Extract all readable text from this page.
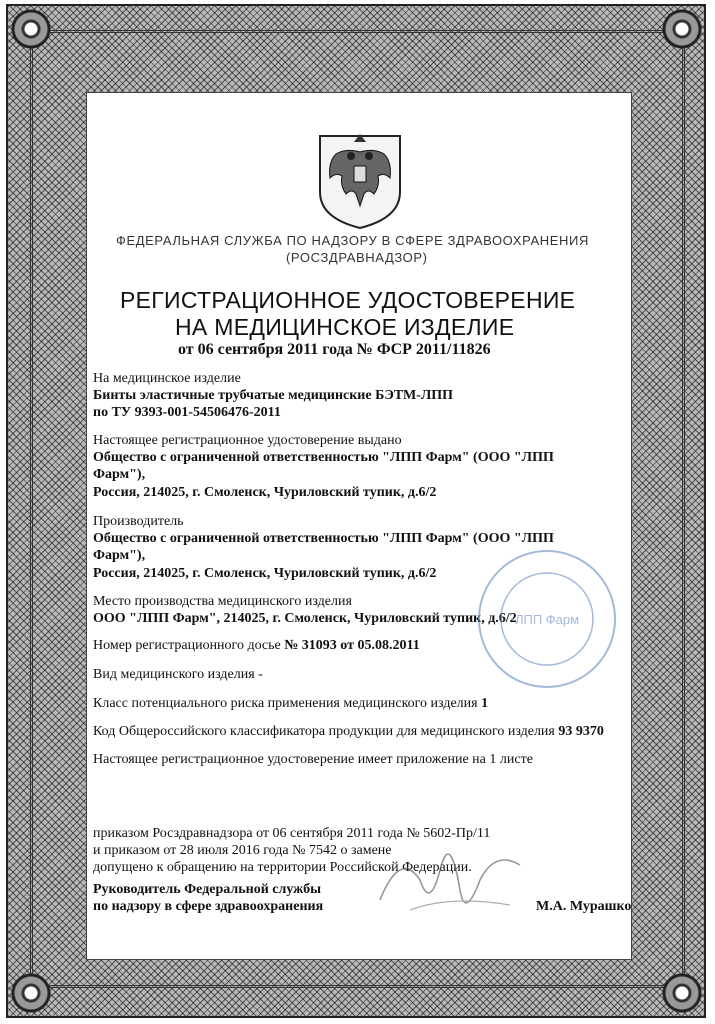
ФЕДЕРАЛЬНАЯ СЛУЖБА ПО НАДЗОРУ В СФЕРЕ ЗДРАВООХРАНЕНИЯ
(РОСЗДРАВНАДЗОР)
РЕГИСТРАЦИОННОЕ УДОСТОВЕРЕНИЕ
НА МЕДИЦИНСКОЕ ИЗДЕЛИЕ
от 06 сентября 2011 года № ФСР 2011/11826
На медицинское изделие
Бинты эластичные трубчатые медицинские БЭТМ-ЛПП
по ТУ 9393-001-54506476-2011
Настоящее регистрационное удостоверение выдано
Общество с ограниченной ответственностью "ЛПП Фарм" (ООО "ЛПП
Фарм"),
Россия, 214025, г. Смоленск, Чуриловский тупик, д.6/2
Производитель
Общество с ограниченной ответственностью "ЛПП Фарм" (ООО "ЛПП
Фарм"),
Россия, 214025, г. Смоленск, Чуриловский тупик, д.6/2
Место производства медицинского изделия
ООО "ЛПП Фарм", 214025, г. Смоленск, Чуриловский тупик, д.6/2
Номер регистрационного досье № 31093 от 05.08.2011
Вид медицинского изделия -
Класс потенциального риска применения медицинского изделия 1
Код Общероссийского классификатора продукции для медицинского изделия 93 9370
Настоящее регистрационное удостоверение имеет приложение на 1 листе
приказом Росздравнадзора от 06 сентября 2011 года № 5602-Пр/11
и приказом от 28 июля 2016 года № 7542 о замене
допущено к обращению на территории Российской Федерации.
Руководитель Федеральной службы
по надзору в сфере здравоохранения	М.А. Мурашко
ЛПП Фарм
